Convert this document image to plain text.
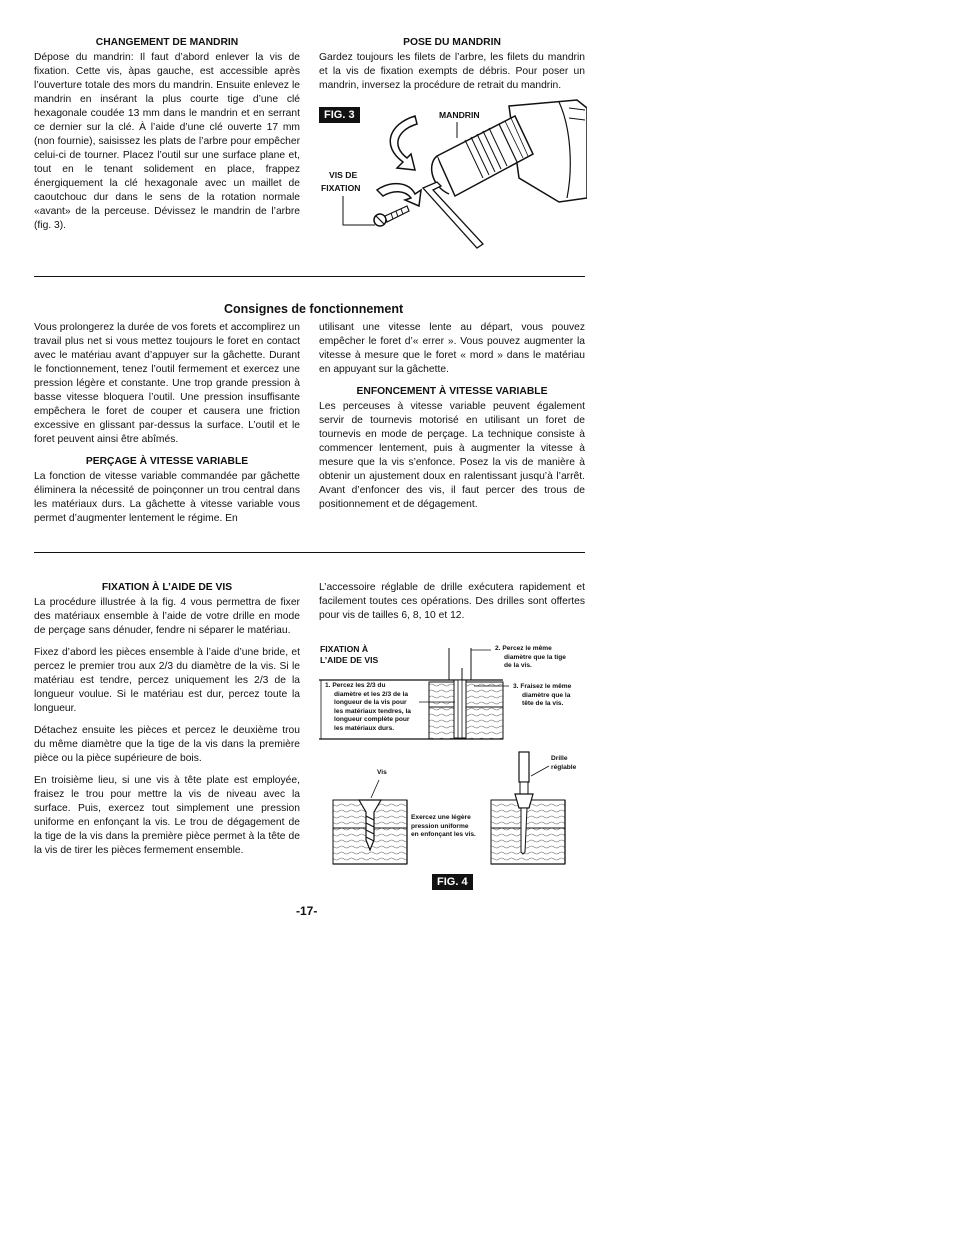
CHANGEMENT DE MANDRIN

Dépose du mandrin: Il faut d’abord enlever la vis de fixation. Cette vis, àpas gauche, est accessible après l’ouverture totale des mors du mandrin. Ensuite enlevez le mandrin en insérant la plus courte tige d’une clé hexagonale coudée 13 mm dans le mandrin et en serrant ce dernier sur la clé. À l’aide d’une clé ouverte 17 mm (non fournie), saisissez les plats de l’arbre pour empêcher celui-ci de tourner. Placez l’outil sur une surface plane et, tout en le tenant solidement en place, frappez énergiquement la clé hexagonale avec un maillet de caoutchouc dur dans le sens de la rotation normale «avant» de la perceuse. Dévissez le mandrin de l’arbre (fig. 3).

POSE DU MANDRIN

Gardez toujours les filets de l’arbre, les filets du mandrin et la vis de fixation exempts de débris. Pour poser un mandrin, inversez la procédure de retrait du mandrin.

FIG. 3	MANDRIN
VIS DE
FIXATION
Consignes de fonctionnement

Vous prolongerez la durée de vos forets et accomplirez un travail plus net si vous mettez toujours le foret en contact avec le matériau avant d’appuyer sur la gâchette. Durant le fonctionnement, tenez l’outil fermement et exercez une pression légère et constante. Une trop grande pression à basse vitesse bloquera l’outil. Une pression insuffisante empêchera le foret de couper et causera une friction excessive en glissant par-dessus la surface. L’outil et le foret peuvent ainsi être abîmés.

PERÇAGE À VITESSE VARIABLE

La fonction de vitesse variable commandée par gâchette éliminera la nécessité de poinçonner un trou central dans les matériaux durs. La gâchette à vitesse variable vous permet d’augmenter lentement le régime. En

utilisant une vitesse lente au départ, vous pouvez empêcher le foret d’« errer ». Vous pouvez augmenter la vitesse à mesure que le foret « mord » dans le matériau en appuyant sur la gâchette.

ENFONCEMENT À VITESSE VARIABLE

Les perceuses à vitesse variable peuvent également servir de tournevis motorisé en utilisant un foret de tournevis en mode de perçage. La technique consiste à commencer lentement, puis à augmenter la vitesse à mesure que la vis s’enfonce. Posez la vis de manière à obtenir un ajustement doux en ralentissant jusqu’à l’arrêt. Avant d’enfoncer des vis, il faut percer des trous de positionnement et de dégagement.

FIXATION À L’AIDE DE VIS

La procédure illustrée à la fig. 4 vous permettra de fixer des matériaux ensemble à l’aide de votre drille en mode de perçage sans dénuder, fendre ni séparer le matériau.

Fixez d’abord les pièces ensemble à l’aide d’une bride, et percez le premier trou aux 2/3 du diamètre de la vis. Si le matériau est tendre, percez uniquement les 2/3 de la longueur voulue. Si le matériau est dur, percez toute la longueur.

Détachez ensuite les pièces et percez le deuxième trou du même diamètre que la tige de la vis dans la première pièce ou la pièce supérieure de bois.

En troisième lieu, si une vis à tête plate est employée, fraisez le trou pour mettre la vis de niveau avec la surface. Puis, exercez tout simplement une pression uniforme en enfonçant la vis. Le trou de dégagement de la tige de la vis dans la première pièce permet à la tête de la vis de tirer les pièces fermement ensemble.

L’accessoire réglable de drille exécutera rapidement et facilement toutes ces opérations. Des drilles sont offertes pour vis de tailles 6, 8, 10 et 12.

FIXATION À
L’AIDE DE VIS
1. Percez les 2/3 du
diamètre et les 2/3 de la
longueur de la vis pour
les matériaux tendres, la
longueur complète pour
les matériaux durs.
2. Percez le même
diamètre que la tige
de la vis.
3. Fraisez le même
diamètre que la
tête de la vis.
Drille
réglable
Vis
Exercez une légère
pression uniforme
en enfonçant les vis.
FIG. 4
-17-
